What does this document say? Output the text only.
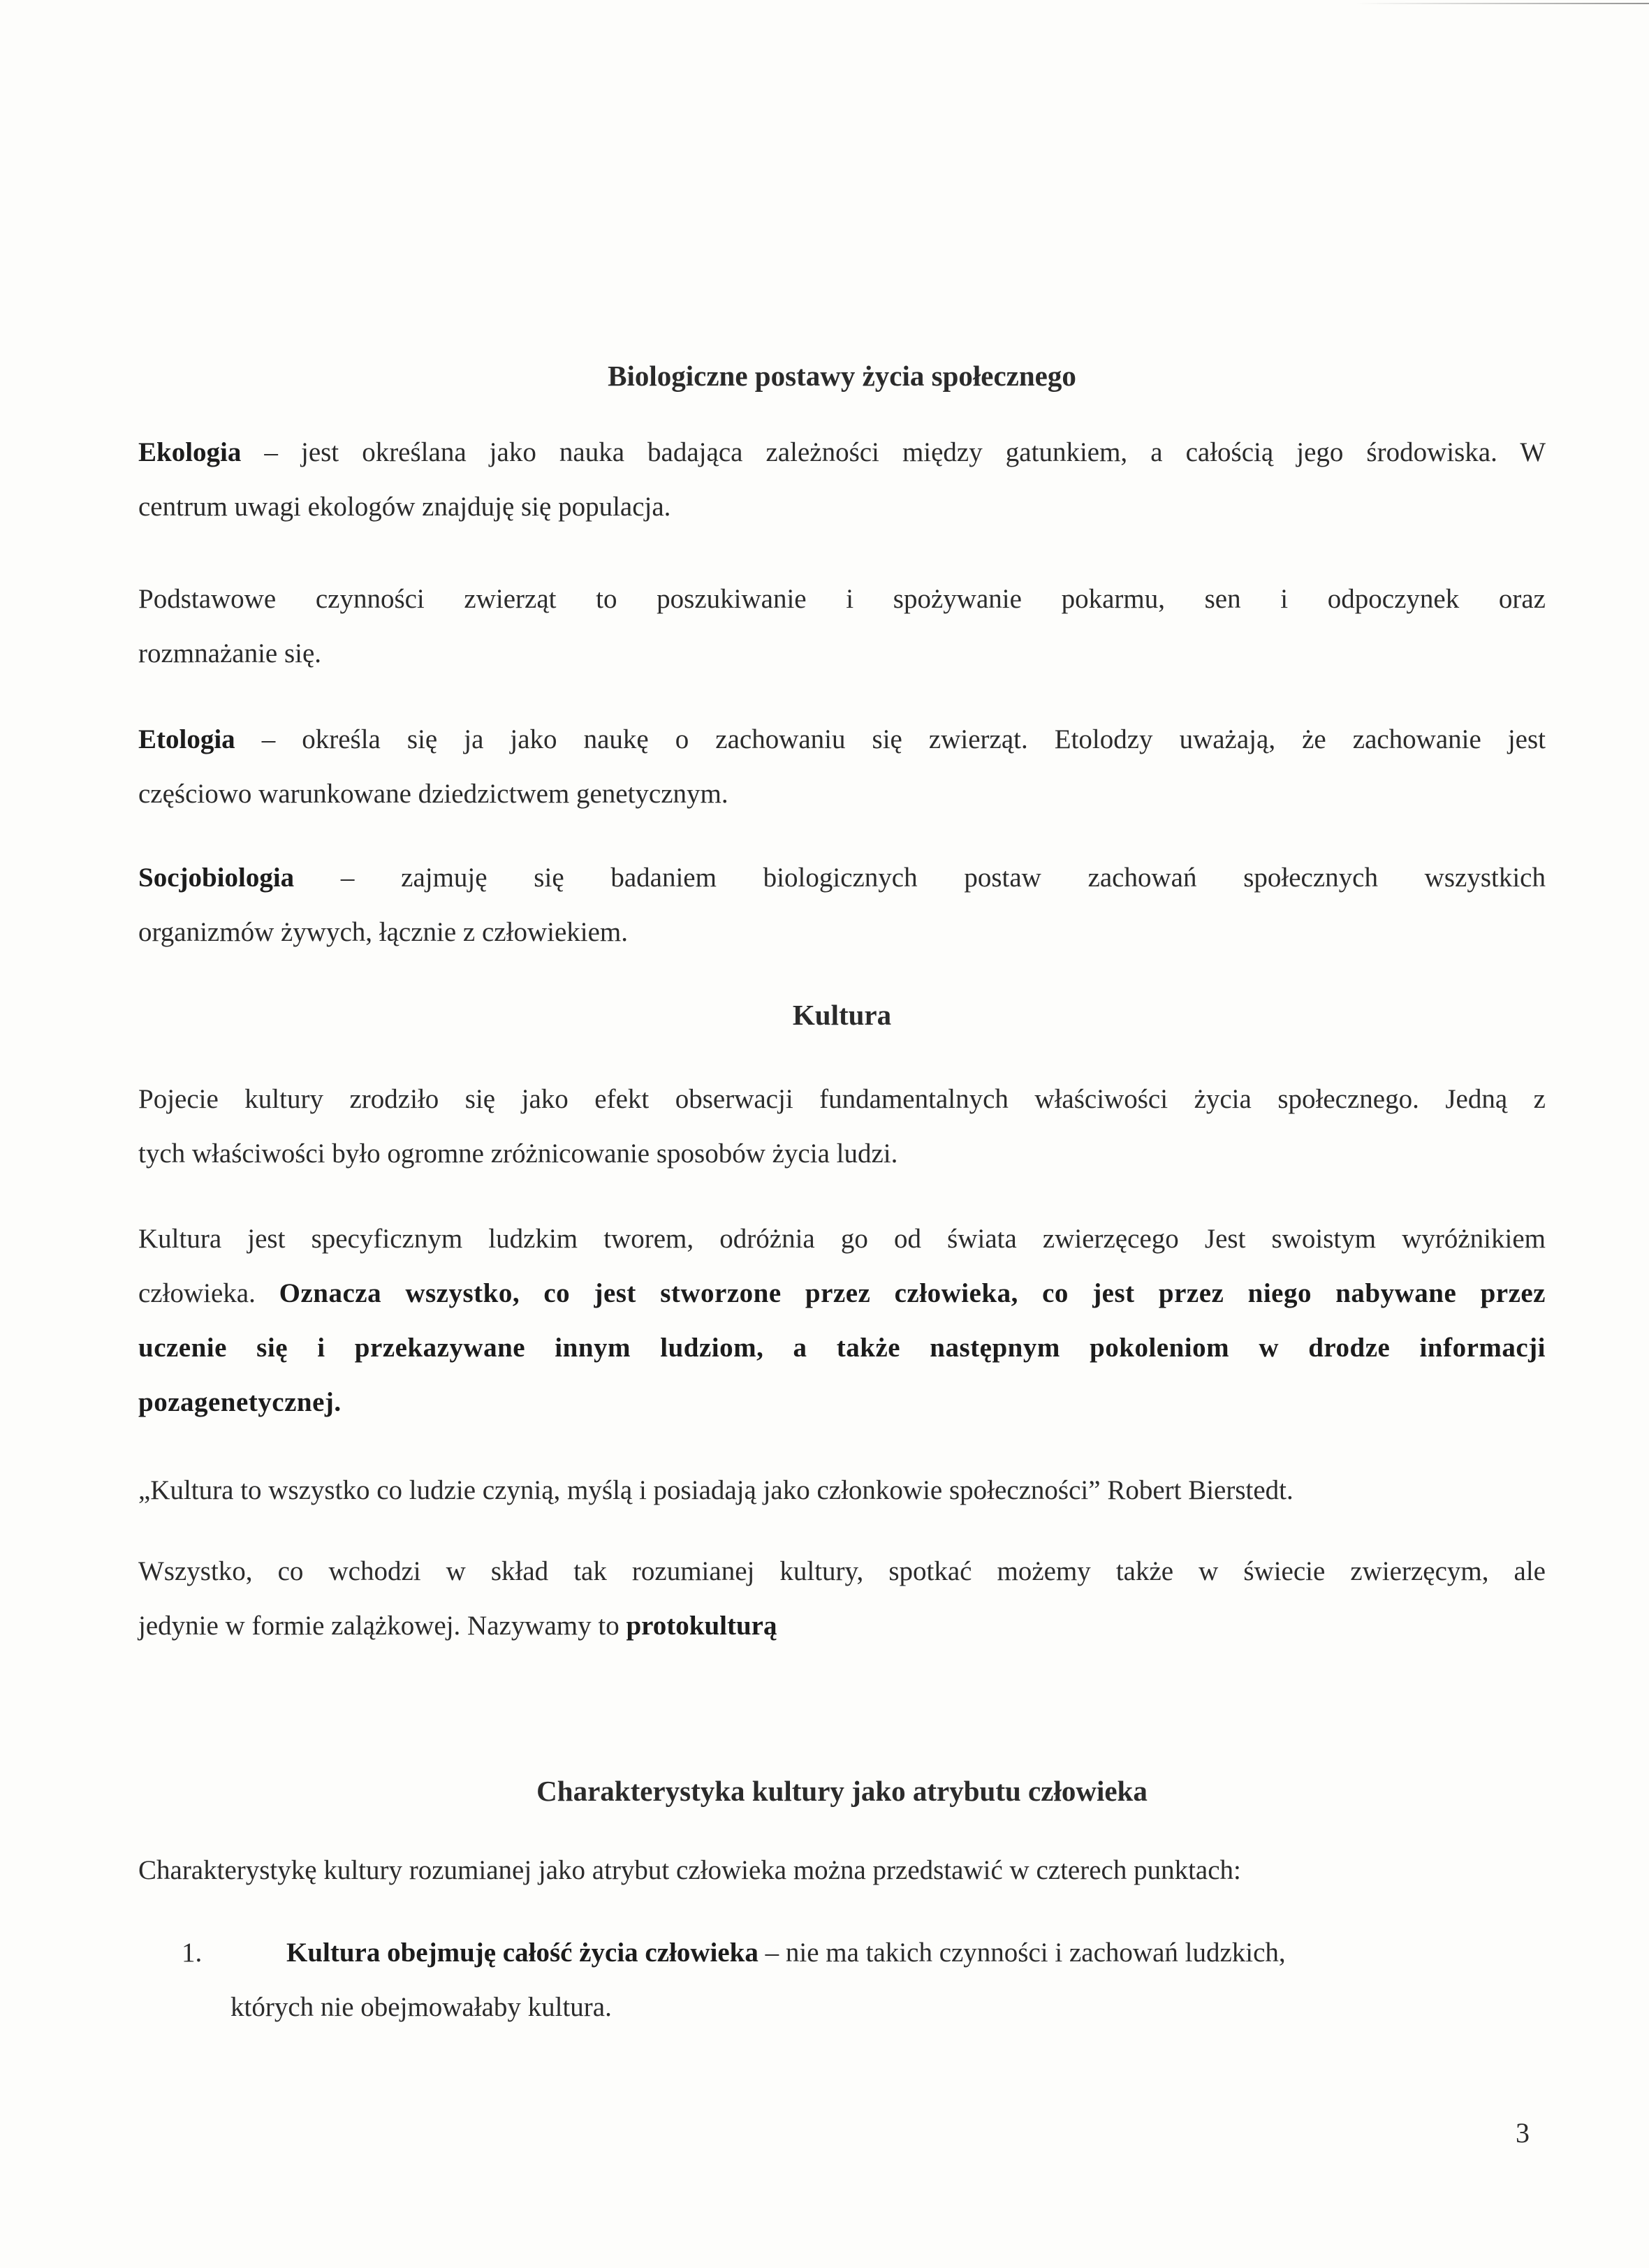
Biologiczne postawy życia społecznego
Ekologia – jest określana jako nauka badająca zależności między gatunkiem, a całością jego środowiska. W
centrum uwagi ekologów znajduję się populacja.
Podstawowe czynności zwierząt to poszukiwanie i spożywanie pokarmu, sen i odpoczynek oraz
rozmnażanie się.
Etologia – określa się ja jako naukę o zachowaniu się zwierząt. Etolodzy uważają, że zachowanie jest
częściowo warunkowane dziedzictwem genetycznym.
Socjobiologia – zajmuję się badaniem biologicznych postaw zachowań społecznych wszystkich
organizmów żywych, łącznie z człowiekiem.
Kultura
Pojecie kultury zrodziło się jako efekt obserwacji fundamentalnych właściwości życia społecznego. Jedną z
tych właściwości było ogromne zróżnicowanie sposobów życia ludzi.
Kultura jest specyficznym ludzkim tworem, odróżnia go od świata zwierzęcego Jest swoistym wyróżnikiem
człowieka. Oznacza wszystko, co jest stworzone przez człowieka, co jest przez niego nabywane przez
uczenie się i przekazywane innym ludziom, a także następnym pokoleniom w drodze informacji
pozagenetycznej.
„Kultura to wszystko co ludzie czynią, myślą i posiadają jako członkowie społeczności” Robert Bierstedt.
Wszystko, co wchodzi w skład tak rozumianej kultury, spotkać możemy także w świecie zwierzęcym, ale
jedynie w formie zalążkowej. Nazywamy to protokulturą
Charakterystyka kultury jako atrybutu człowieka
Charakterystykę kultury rozumianej jako atrybut człowieka można przedstawić w czterech punktach:
1.	Kultura obejmuję całość życia człowieka – nie ma takich czynności i zachowań ludzkich,
których nie obejmowałaby kultura.
3
